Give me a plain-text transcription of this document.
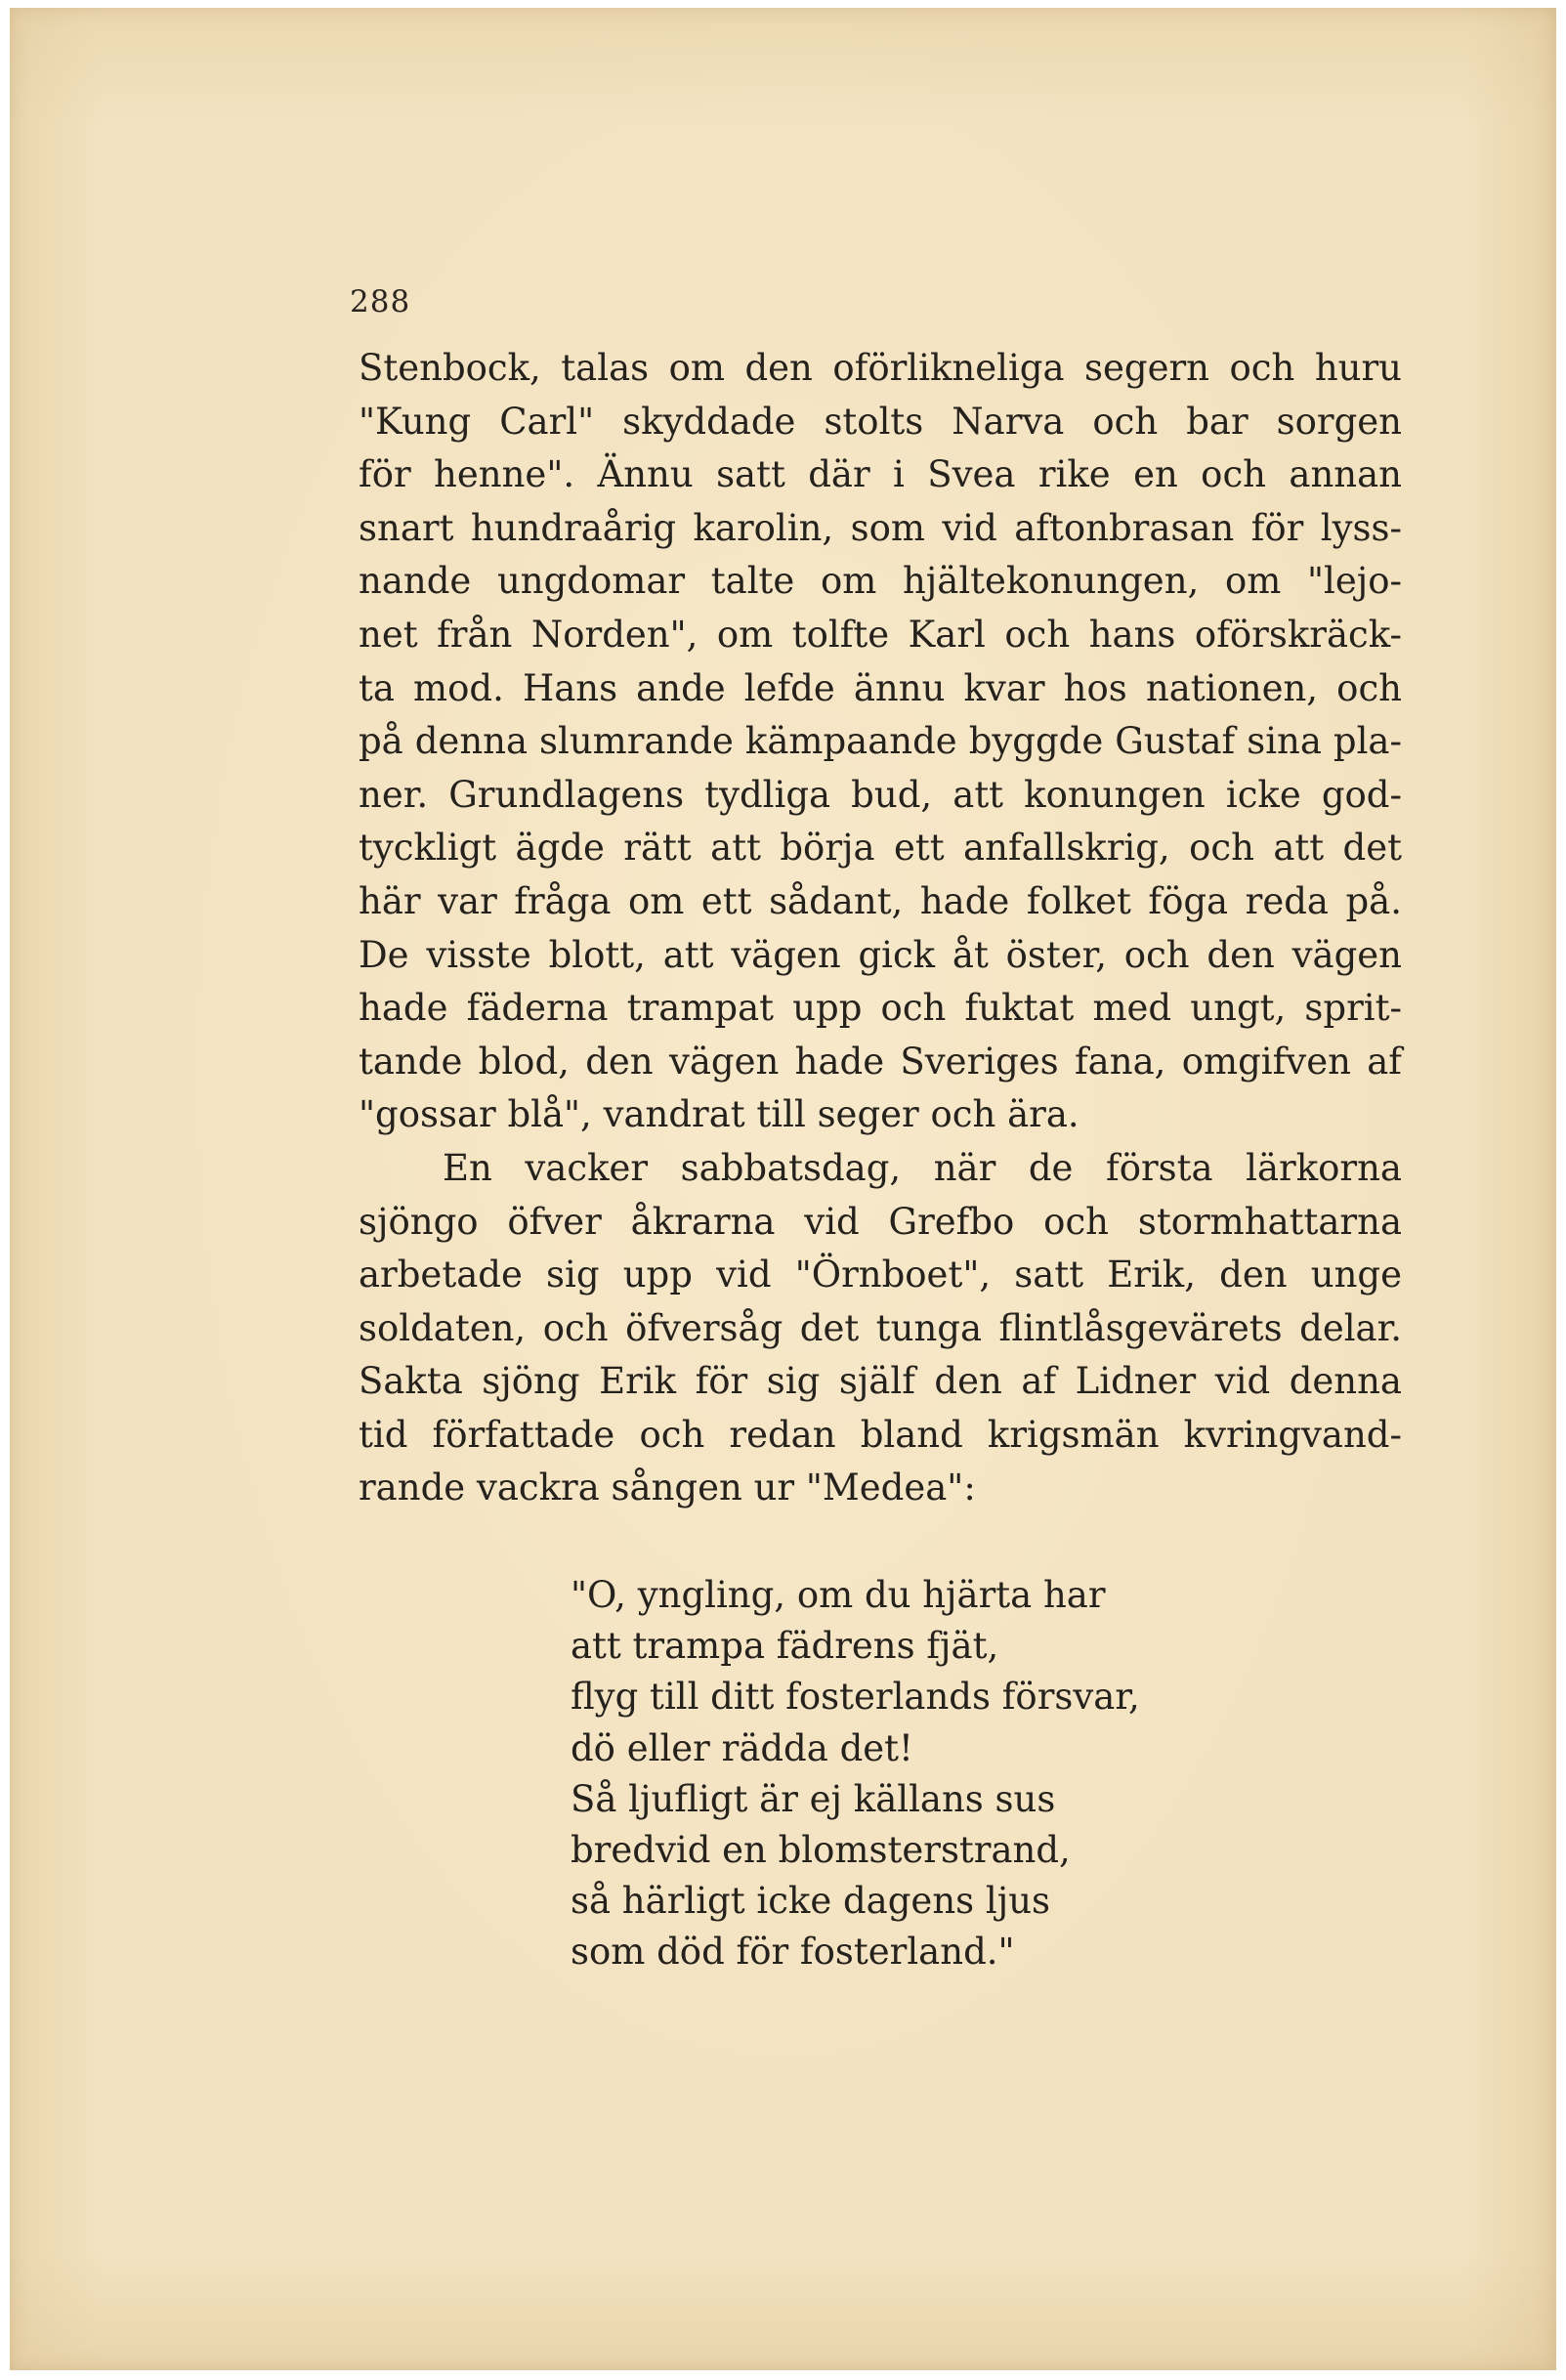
288
Stenbock, talas om den oförlikneliga segern och huru
"Kung Carl" skyddade stolts Narva och bar sorgen
för henne". Ännu satt där i Svea rike en och annan
snart hundraårig karolin, som vid aftonbrasan för lyss-
nande ungdomar talte om hjältekonungen, om "lejo-
net från Norden", om tolfte Karl och hans oförskräck-
ta mod. Hans ande lefde ännu kvar hos nationen, och
på denna slumrande kämpaande byggde Gustaf sina pla-
ner. Grundlagens tydliga bud, att konungen icke god-
tyckligt ägde rätt att börja ett anfallskrig, och att det
här var fråga om ett sådant, hade folket föga reda på.
De visste blott, att vägen gick åt öster, och den vägen
hade fäderna trampat upp och fuktat med ungt, sprit-
tande blod, den vägen hade Sveriges fana, omgifven af
"gossar blå", vandrat till seger och ära.
En vacker sabbatsdag, när de första lärkorna
sjöngo öfver åkrarna vid Grefbo och stormhattarna
arbetade sig upp vid "Örnboet", satt Erik, den unge
soldaten, och öfversåg det tunga flintlåsgevärets delar.
Sakta sjöng Erik för sig själf den af Lidner vid denna
tid författade och redan bland krigsmän kvringvand-
rande vackra sången ur "Medea":
"O, yngling, om du hjärta har
att trampa fädrens fjät,
flyg till ditt fosterlands försvar,
dö eller rädda det!
Så ljufligt är ej källans sus
bredvid en blomsterstrand,
så härligt icke dagens ljus
som död för fosterland."
